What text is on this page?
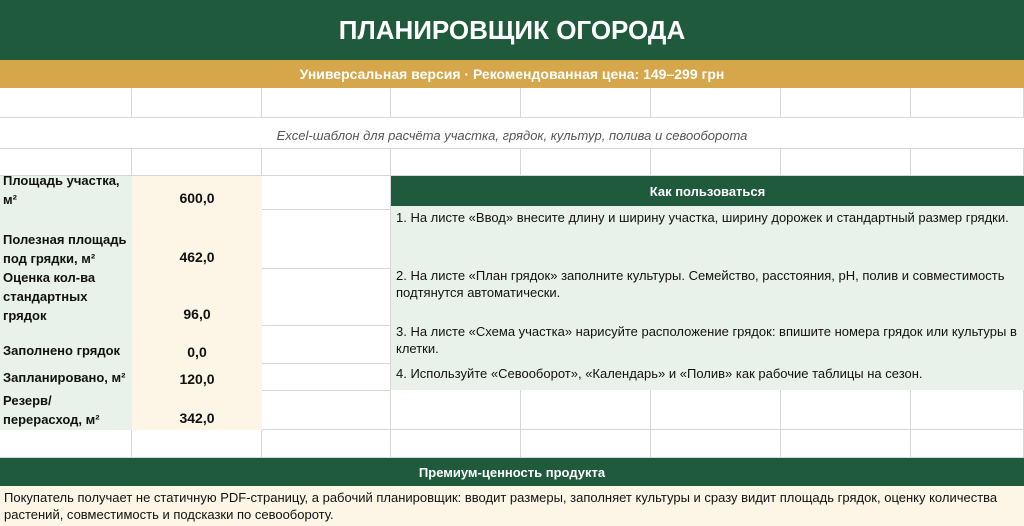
ПЛАНИРОВЩИК ОГОРОДА
Универсальная версия · Рекомендованная цена: 149–299 грн
Excel-шаблон для расчёта участка, грядок, культур, полива и севооборота
Площадь участка, м²	600,0
Полезная площадь под грядки, м²	462,0
Оценка кол-ва стандартных грядок	96,0
Заполнено грядок	0,0
Запланировано, м²	120,0
Резерв/перерасход, м²	342,0
Как пользоваться
1. На листе «Ввод» внесите длину и ширину участка, ширину дорожек и стандартный размер грядки.
2. На листе «План грядок» заполните культуры. Семейство, расстояния, pH, полив и совместимость подтянутся автоматически.
3. На листе «Схема участка» нарисуйте расположение грядок: впишите номера грядок или культуры в клетки.
4. Используйте «Севооборот», «Календарь» и «Полив» как рабочие таблицы на сезон.
Премиум-ценность продукта
Покупатель получает не статичную PDF-страницу, а рабочий планировщик: вводит размеры, заполняет культуры и сразу видит площадь грядок, оценку количества растений, совместимость и подсказки по севообороту.
